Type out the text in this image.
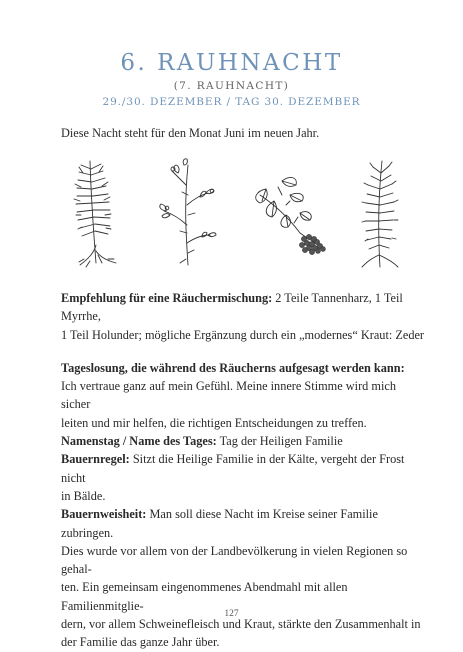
6. RAUHNACHT
(7. RAUHNACHT)
29./30. DEZEMBER / TAG 30. DEZEMBER
Diese Nacht steht für den Monat Juni im neuen Jahr.

Empfehlung für eine Räuchermischung: 2 Teile Tannenharz, 1 Teil Myrrhe,

1 Teil Holunder; mögliche Ergänzung durch ein „modernes“ Kraut: Zeder

Tageslosung, die während des Räucherns aufgesagt werden kann:

Ich vertraue ganz auf mein Gefühl. Meine innere Stimme wird mich sicher

leiten und mir helfen, die richtigen Entscheidungen zu treffen.

Namenstag / Name des Tages: Tag der Heiligen Familie

Bauernregel: Sitzt die Heilige Familie in der Kälte, vergeht der Frost nicht

in Bälde.

Bauernweisheit: Man soll diese Nacht im Kreise seiner Familie zubringen.

Dies wurde vor allem von der Landbevölkerung in vielen Regionen so gehal-

ten. Ein gemeinsam eingenommenes Abendmahl mit allen Familienmitglie-

dern, vor allem Schweinefleisch und Kraut, stärkte den Zusammenhalt in

der Familie das ganze Jahr über.

127
